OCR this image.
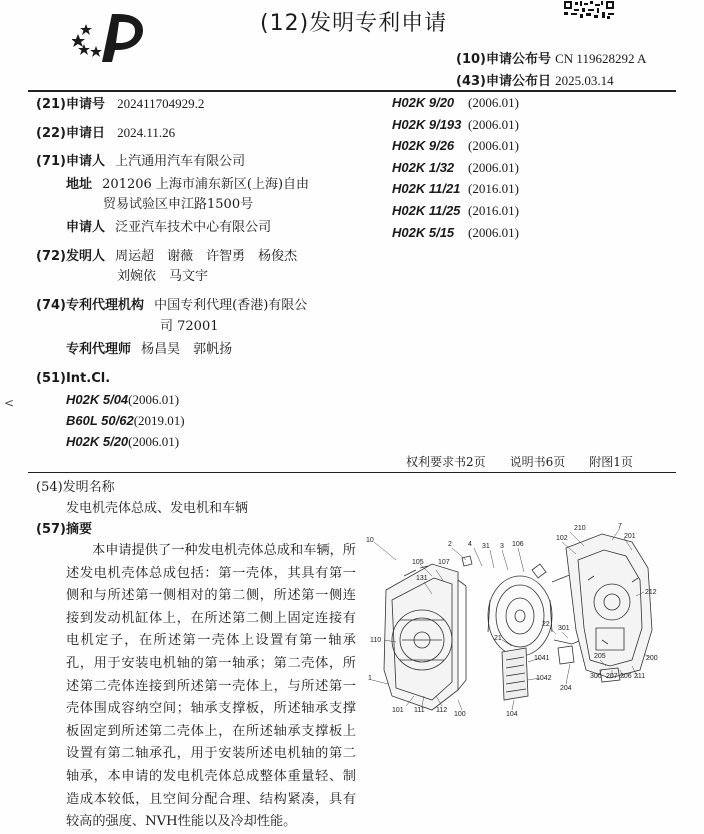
(12)发明专利申请
(10)申请公布号 CN 119628292 A
(43)申请公布日 2025.03.14
(21)申请号 202411704929.2
(22)申请日 2024.11.26
(71)申请人 上汽通用汽车有限公司
地址 201206 上海市浦东新区(上海)自由
贸易试验区申江路1500号
申请人 泛亚汽车技术中心有限公司
(72)发明人 周运超　谢薇　许智勇　杨俊杰
刘婉依　马文宇
(74)专利代理机构 中国专利代理(香港)有限公
司 72001
专利代理师 杨昌昊　郭帆扬
(51)Int.Cl.
H02K 5/04(2006.01)
B60L 50/62(2019.01)
H02K 5/20(2006.01)
H02K 9/20 (2006.01)
H02K 9/193 (2006.01)
H02K 9/26 (2006.01)
H02K 1/32 (2006.01)
H02K 11/21 (2016.01)
H02K 11/25 (2016.01)
H02K 5/15 (2006.01)
<
权利要求书2页　　说明书6页　　附图1页
(54)发明名称
发电机壳体总成、发电机和车辆
(57)摘要

本申请提供了一种发电机壳体总成和车辆，所述发电机壳体总成包括：第一壳体，其具有第一侧和与所述第一侧相对的第二侧，所述第一侧连接到发动机缸体上，在所述第二侧上固定连接有电机定子，在所述第一壳体上设置有第一轴承孔，用于安装电机轴的第一轴承；第二壳体，所述第二壳体连接到所述第一壳体上，与所述第一壳体围成容纳空间；轴承支撑板，所述轴承支撑板固定到所述第二壳体上，在所述轴承支撑板上设置有第二轴承孔，用于安装所述电机轴的第二轴承，本申请的发电机壳体总成整体重量轻、制造成本较低，且空间分配合理、结构紧凑，具有较高的强度、NVH性能以及冷却性能。

10
105 107
131
2 4 31 3 106
102
210	7
201
212
110
1
101 111 112
100
21
22
301
1041
1042
104
204
300 207 206 211
205	200
